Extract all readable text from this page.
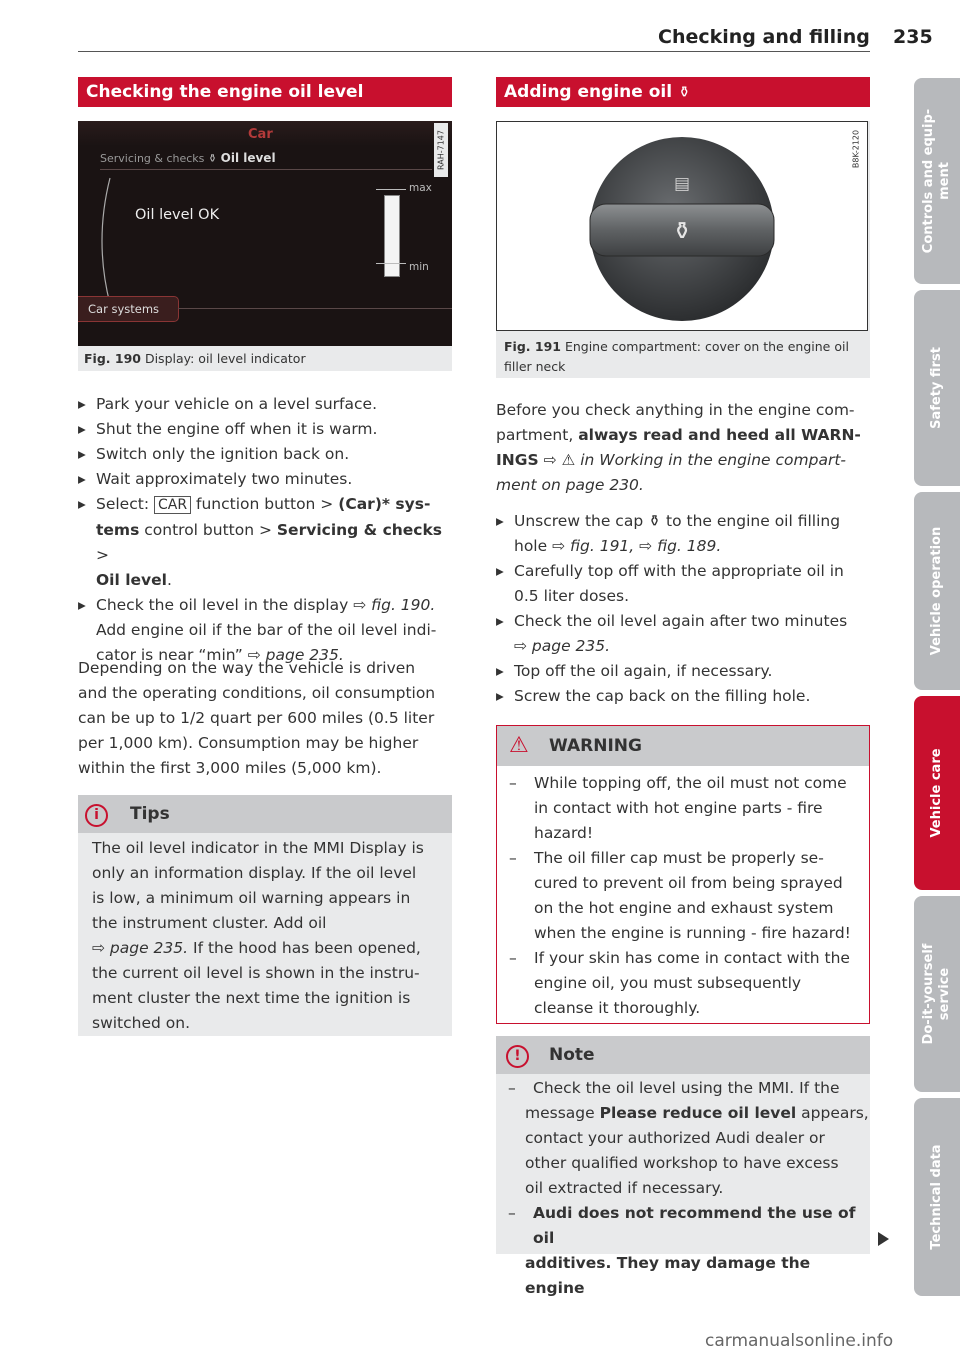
Checking and filling 235
Checking the engine oil level
Car
Servicing & checks ⚱ Oil level
Oil level OK
max
min
Car systems
RAH-7147
Fig. 190 Display: oil level indicator
▸ Park your vehicle on a level surface.
▸ Shut the engine off when it is warm.
▸ Switch only the ignition back on.
▸ Wait approximately two minutes.
▸ Select: CAR function button > (Car)* sys-
tems control button > Servicing & checks >
Oil level.
▸ Check the oil level in the display ⇨ fig. 190.
Add engine oil if the bar of the oil level indi-
cator is near “min” ⇨ page 235.
Depending on the way the vehicle is driven
and the operating conditions, oil consumption
can be up to 1/2 quart per 600 miles (0.5 liter
per 1,000 km). Consumption may be higher
within the first 3,000 miles (5,000 km).
i	Tips
The oil level indicator in the MMI Display is
only an information display. If the oil level
is low, a minimum oil warning appears in
the instrument cluster. Add oil
⇨ page 235. If the hood has been opened,
the current oil level is shown in the instru-
ment cluster the next time the ignition is
switched on.
Adding engine oil ⚱
▤
⚱
B8K-2120
Fig. 191 Engine compartment: cover on the engine oil
filler neck
Before you check anything in the engine com-
partment, always read and heed all WARN-
INGS ⇨ ⚠ in Working in the engine compart-
ment on page 230.
▸ Unscrew the cap ⚱ to the engine oil filling
hole ⇨ fig. 191, ⇨ fig. 189.
▸ Carefully top off with the appropriate oil in
0.5 liter doses.
▸ Check the oil level again after two minutes
⇨ page 235.
▸ Top off the oil again, if necessary.
▸ Screw the cap back on the filling hole.
⚠ WARNING
– While topping off, the oil must not come
in contact with hot engine parts - fire
hazard!
– The oil filler cap must be properly se-
cured to prevent oil from being sprayed
on the hot engine and exhaust system
when the engine is running - fire hazard!
– If your skin has come in contact with the
engine oil, you must subsequently
cleanse it thoroughly.
!	Note
– Check the oil level using the MMI. If the
message Please reduce oil level appears,
contact your authorized Audi dealer or
other qualified workshop to have excess
oil extracted if necessary.
– Audi does not recommend the use of oil
additives. They may damage the engine
Controls and equip-
ment
Safety first
Vehicle operation
Vehicle care
Do-it-yourself
service
Technical data
carmanualsonline.info
